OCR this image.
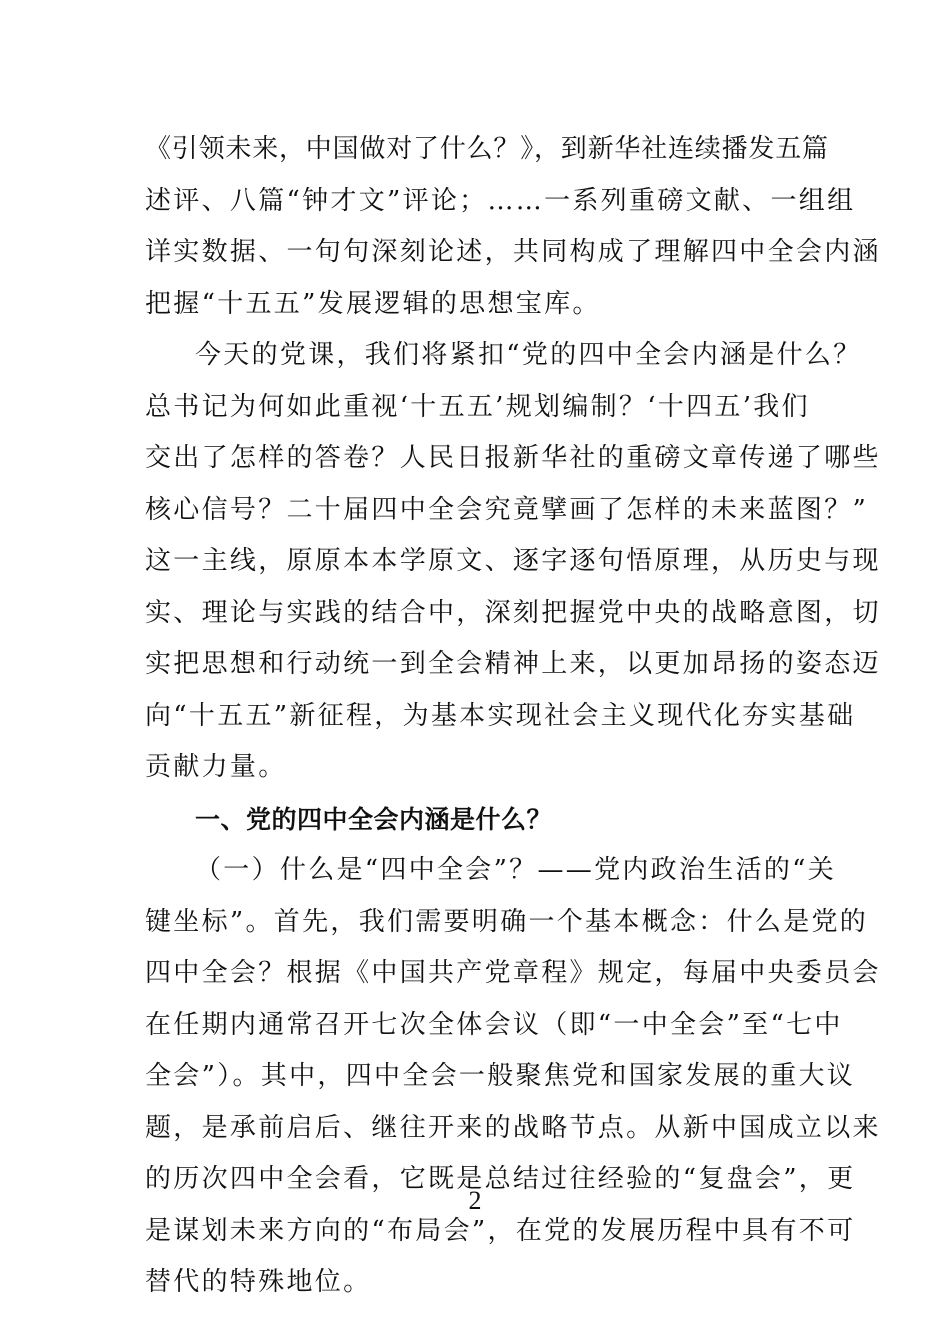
《引领未来，中国做对了什么？》，到新华社连续播发五篇
述评、八篇“钟才文”评论；……一系列重磅文献、一组组
详实数据、一句句深刻论述，共同构成了理解四中全会内涵
把握“十五五”发展逻辑的思想宝库。
今天的党课，我们将紧扣“党的四中全会内涵是什么？
总书记为何如此重视‘十五五’规划编制？‘十四五’我们
交出了怎样的答卷？人民日报新华社的重磅文章传递了哪些
核心信号？二十届四中全会究竟擘画了怎样的未来蓝图？”
这一主线，原原本本学原文、逐字逐句悟原理，从历史与现
实、理论与实践的结合中，深刻把握党中央的战略意图，切
实把思想和行动统一到全会精神上来，以更加昂扬的姿态迈
向“十五五”新征程，为基本实现社会主义现代化夯实基础
贡献力量。
一、党的四中全会内涵是什么？
（一）什么是“四中全会”？——党内政治生活的“关
键坐标”。首先，我们需要明确一个基本概念：什么是党的
四中全会？根据《中国共产党章程》规定，每届中央委员会
在任期内通常召开七次全体会议（即“一中全会”至“七中
全会”）。其中，四中全会一般聚焦党和国家发展的重大议
题，是承前启后、继往开来的战略节点。从新中国成立以来
的历次四中全会看，它既是总结过往经验的“复盘会”，更
是谋划未来方向的“布局会”，在党的发展历程中具有不可
替代的特殊地位。
2
